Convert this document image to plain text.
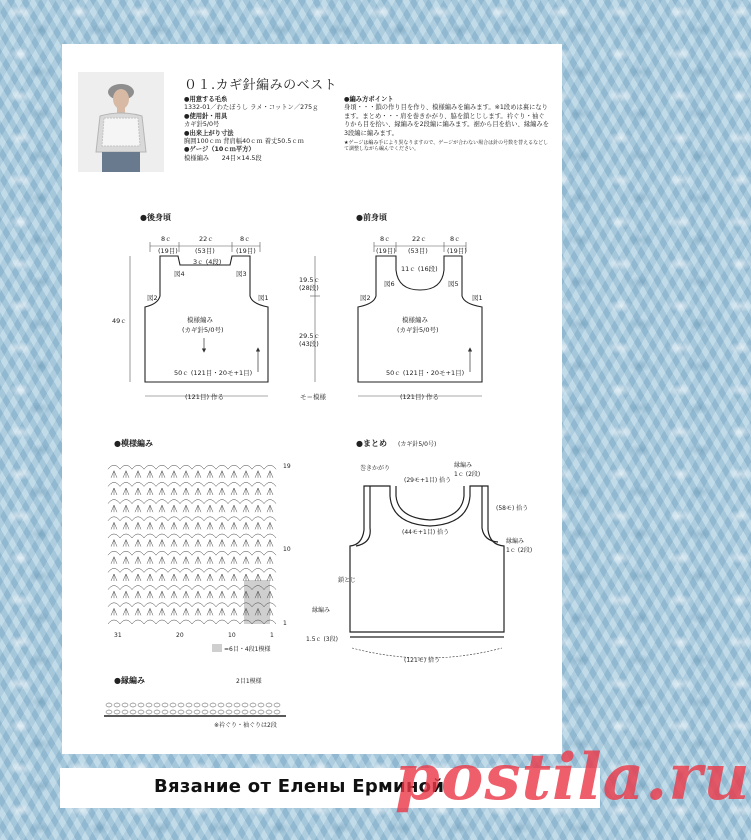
０１.カギ針編みのベスト
●用意する毛糸
1332-01／わたぼうし ラメ・コットン／275ｇ
●使用針・用具
カギ針5/0号
●出来上がり寸法
胸囲100ｃｍ 背肩幅40ｃｍ 着丈50.5ｃｍ
●ゲージ（10ｃｍ平方）
模様編み　　24目×14.5段
●編み方ポイント
身頃・・・鎖の作り目を作り、模様編みを編みます。※1段めは裏になります。まとめ・・・肩を巻きかがり、脇を鎖とじします。衿ぐり・袖ぐりから目を拾い、縁編みを2段編に編みます。裾から目を拾い、縁編みを3段編に編みます。
★ゲージは編み手により異なりますので、ゲージが合わない場合は針の号数を替えるなどして調整しながら編んでください。
●後身頃
8ｃ	22ｃ	8ｃ
(19目)	(53目)	(19目)
3ｃ (4段)
図4	図3
図2	図1
模様編み
(カギ針5/0号)
50ｃ (121目・20モ+1目)
49ｃ
19.5ｃ
(28段)
29.5ｃ
(43段)
(121目) 作る	モ＝模様
●前身頃
8ｃ	22ｃ	8ｃ
(19目) (53目)	(19目)
11ｃ (16段)
図6	図5
図2	図1
模様編み
(カギ針5/0号)
50ｃ (121目・20モ+1目)
(121目) 作る
●模様編み
19
10
1
31	20	10	1
=6目・4段1模様
●まとめ (カギ針5/0号)
巻きかがり	縁編み
1ｃ (2段)
(29モ+1目) 拾う
(58モ) 拾う
(44モ+1目) 拾う
縁編み
1ｃ (2段)
鎖とじ
縁編み
1.5ｃ (3段)
(121モ) 拾う
●縁編み	2目1模様
※衿ぐり・袖ぐりは2段
Вязание от Елены Ерминой
postila.ru
